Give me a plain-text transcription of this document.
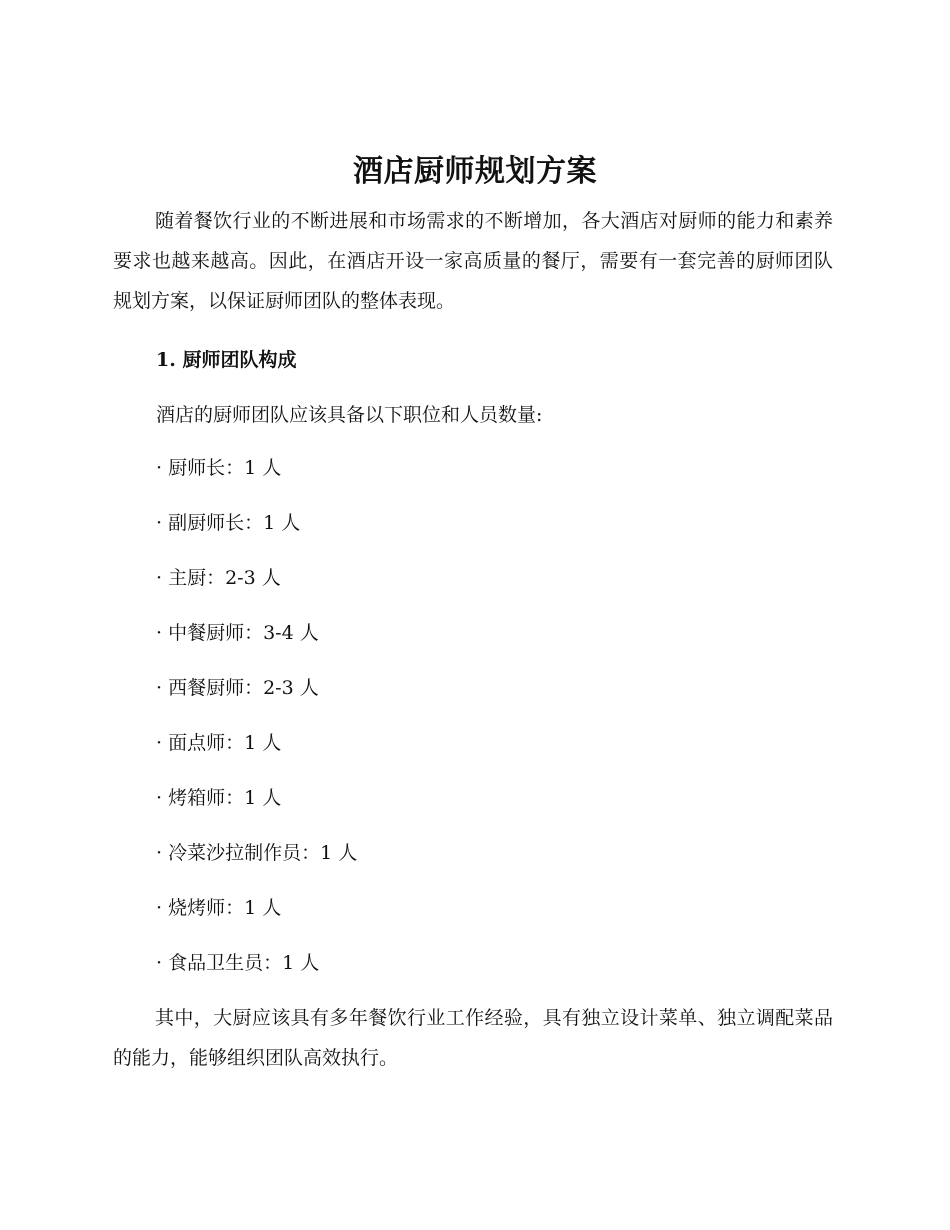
酒店厨师规划方案

随着餐饮行业的不断进展和市场需求的不断增加，各大酒店对厨师的能力和素养要求也越来越高。因此，在酒店开设一家高质量的餐厅，需要有一套完善的厨师团队规划方案，以保证厨师团队的整体表现。

1. 厨师团队构成

酒店的厨师团队应该具备以下职位和人员数量:

· 厨师长：1 人
· 副厨师长：1 人
· 主厨：2-3 人
· 中餐厨师：3-4 人
· 西餐厨师：2-3 人
· 面点师：1 人
· 烤箱师：1 人
· 冷菜沙拉制作员：1 人
· 烧烤师：1 人
· 食品卫生员：1 人

其中，大厨应该具有多年餐饮行业工作经验，具有独立设计菜单、独立调配菜品的能力，能够组织团队高效执行。
